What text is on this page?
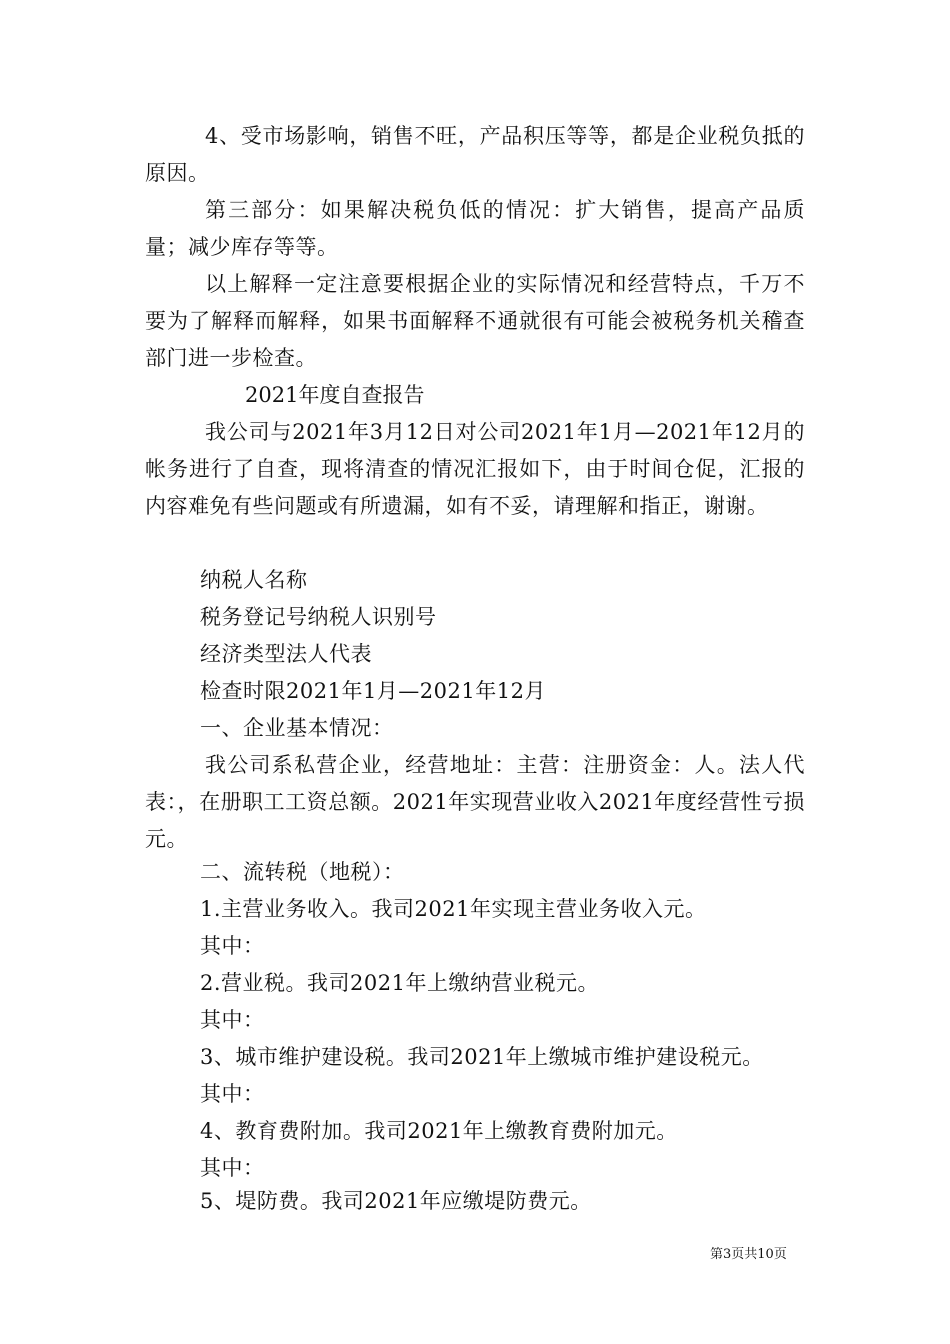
4、受市场影响，销售不旺，产品积压等等，都是企业税负抵的原因。
第三部分：如果解决税负低的情况：扩大销售，提高产品质量；减少库存等等。
以上解释一定注意要根据企业的实际情况和经营特点，千万不要为了解释而解释，如果书面解释不通就很有可能会被税务机关稽查部门进一步检查。
2021年度自查报告
我公司与2021年3月12日对公司2021年1月—2021年12月的帐务进行了自查，现将清查的情况汇报如下，由于时间仓促，汇报的内容难免有些问题或有所遗漏，如有不妥，请理解和指正，谢谢。
纳税人名称
税务登记号纳税人识别号
经济类型法人代表
检查时限2021年1月—2021年12月
一、企业基本情况：
我公司系私营企业，经营地址：主营：注册资金：人。法人代表：，在册职工工资总额。2021年实现营业收入2021年度经营性亏损元。
二、流转税（地税）：
1.主营业务收入。我司2021年实现主营业务收入元。
其中：
2.营业税。我司2021年上缴纳营业税元。
其中：
3、城市维护建设税。我司2021年上缴城市维护建设税元。
其中：
4、教育费附加。我司2021年上缴教育费附加元。
其中：
5、堤防费。我司2021年应缴堤防费元。
第3页共10页
